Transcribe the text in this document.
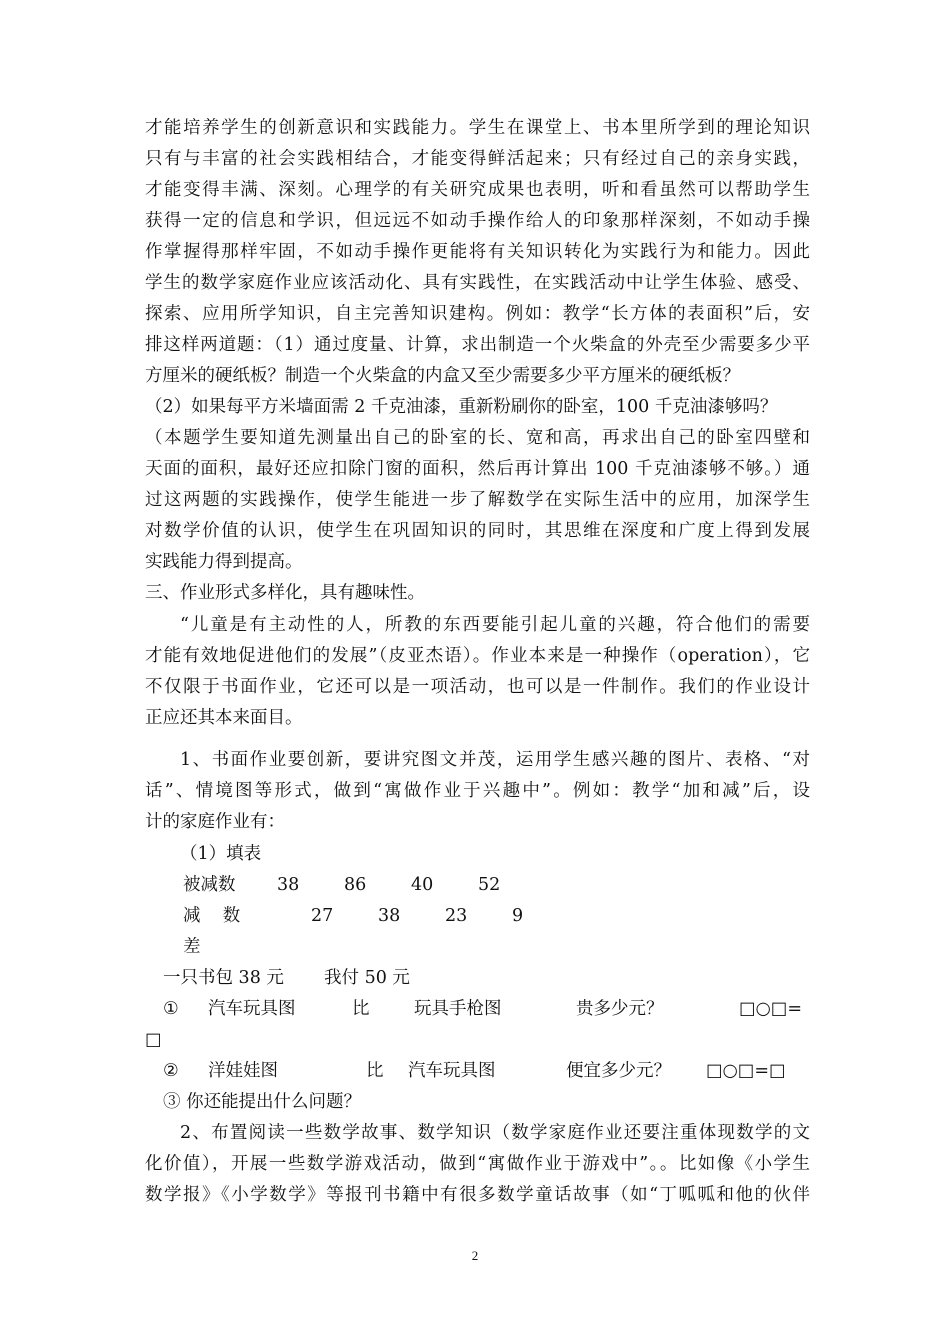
才能培养学生的创新意识和实践能力。学生在课堂上、书本里所学到的理论知识
只有与丰富的社会实践相结合，才能变得鲜活起来；只有经过自己的亲身实践，
才能变得丰满、深刻。心理学的有关研究成果也表明，听和看虽然可以帮助学生
获得一定的信息和学识，但远远不如动手操作给人的印象那样深刻，不如动手操
作掌握得那样牢固，不如动手操作更能将有关知识转化为实践行为和能力。因此
学生的数学家庭作业应该活动化、具有实践性，在实践活动中让学生体验、感受、
探索、应用所学知识，自主完善知识建构。例如：教学“长方体的表面积”后，安
排这样两道题：（1）通过度量、计算，求出制造一个火柴盒的外壳至少需要多少平
方厘米的硬纸板？制造一个火柴盒的内盒又至少需要多少平方厘米的硬纸板？
（2）如果每平方米墙面需 2 千克油漆，重新粉刷你的卧室，100 千克油漆够吗？
（本题学生要知道先测量出自己的卧室的长、宽和高，再求出自己的卧室四壁和
天面的面积，最好还应扣除门窗的面积，然后再计算出 100 千克油漆够不够。）通
过这两题的实践操作，使学生能进一步了解数学在实际生活中的应用，加深学生
对数学价值的认识，使学生在巩固知识的同时，其思维在深度和广度上得到发展
实践能力得到提高。
三、作业形式多样化，具有趣味性。
“儿童是有主动性的人，所教的东西要能引起儿童的兴趣，符合他们的需要
才能有效地促进他们的发展”（皮亚杰语）。作业本来是一种操作（operation），它
不仅限于书面作业，它还可以是一项活动，也可以是一件制作。我们的作业设计
正应还其本来面目。
1、书面作业要创新，要讲究图文并茂，运用学生感兴趣的图片、表格、“对
话”、情境图等形式，做到“寓做作业于兴趣中”。例如：教学“加和减”后，设
计的家庭作业有：
（1）填表
被减数 38	86	40	52
减    数	27	38	23	9
差
一只书包 38 元 我付 50 元
① 汽车玩具图	比	玩具手枪图	贵多少元？	□○□=
□
② 洋娃娃图	比 汽车玩具图	便宜多少元？ □○□=□
③ 你还能提出什么问题？
2、布置阅读一些数学故事、数学知识（数学家庭作业还要注重体现数学的文
化价值），开展一些数学游戏活动，做到“寓做作业于游戏中”。。比如像《小学生
数学报》《小学数学》等报刊书籍中有很多数学童话故事（如“丁呱呱和他的伙伴
2
